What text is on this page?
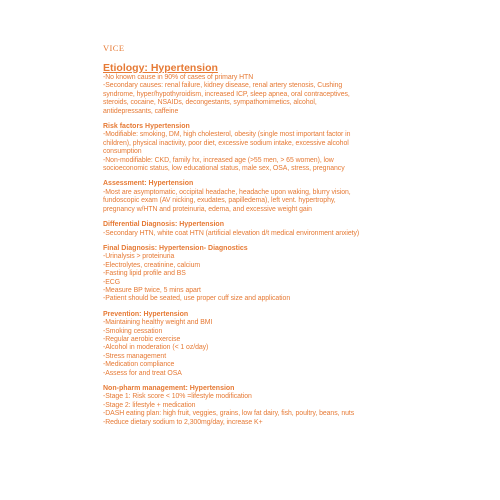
VICE

Etiology: Hypertension

-No known cause in 90% of cases of primary HTN

-Secondary causes: renal failure, kidney disease, renal artery stenosis, Cushing

syndrome, hyper/hypothyroidism, increased ICP, sleep apnea, oral contraceptives,

steroids, cocaine, NSAIDs, decongestants, sympathomimetics, alcohol,

antidepressants, caffeine

Risk factors Hypertension

-Modifiable: smoking, DM, high cholesterol, obesity (single most important factor in

children), physical inactivity, poor diet, excessive sodium intake, excessive alcohol

consumption

-Non-modifiable: CKD, family hx, increased age (>55 men, > 65 women), low

socioeconomic status, low educational status, male sex, OSA, stress, pregnancy

Assessment: Hypertension

-Most are asymptomatic, occipital headache, headache upon waking, blurry vision,

fundoscopic exam (AV nicking, exudates, papilledema), left vent. hypertrophy,

pregnancy w/HTN and proteinuria, edema, and excessive weight gain

Differential Diagnosis: Hypertension

-Secondary HTN, white coat HTN (artificial elevation d/t medical environment anxiety)

Final Diagnosis: Hypertension- Diagnostics

-Urinalysis > proteinuria

-Electrolytes, creatinine, calcium

-Fasting lipid profile and BS

-ECG

-Measure BP twice, 5 mins apart

-Patient should be seated, use proper cuff size and application

Prevention: Hypertension

-Maintaining healthy weight and BMI

-Smoking cessation

-Regular aerobic exercise

-Alcohol in moderation (< 1 oz/day)

-Stress management

-Medication compliance

-Assess for and treat OSA

Non-pharm management: Hypertension

-Stage 1: Risk score < 10% =lifestyle modification

-Stage 2: lifestyle + medication

-DASH eating plan: high fruit, veggies, grains, low fat dairy, fish, poultry, beans, nuts

-Reduce dietary sodium to 2,300mg/day, increase K+
